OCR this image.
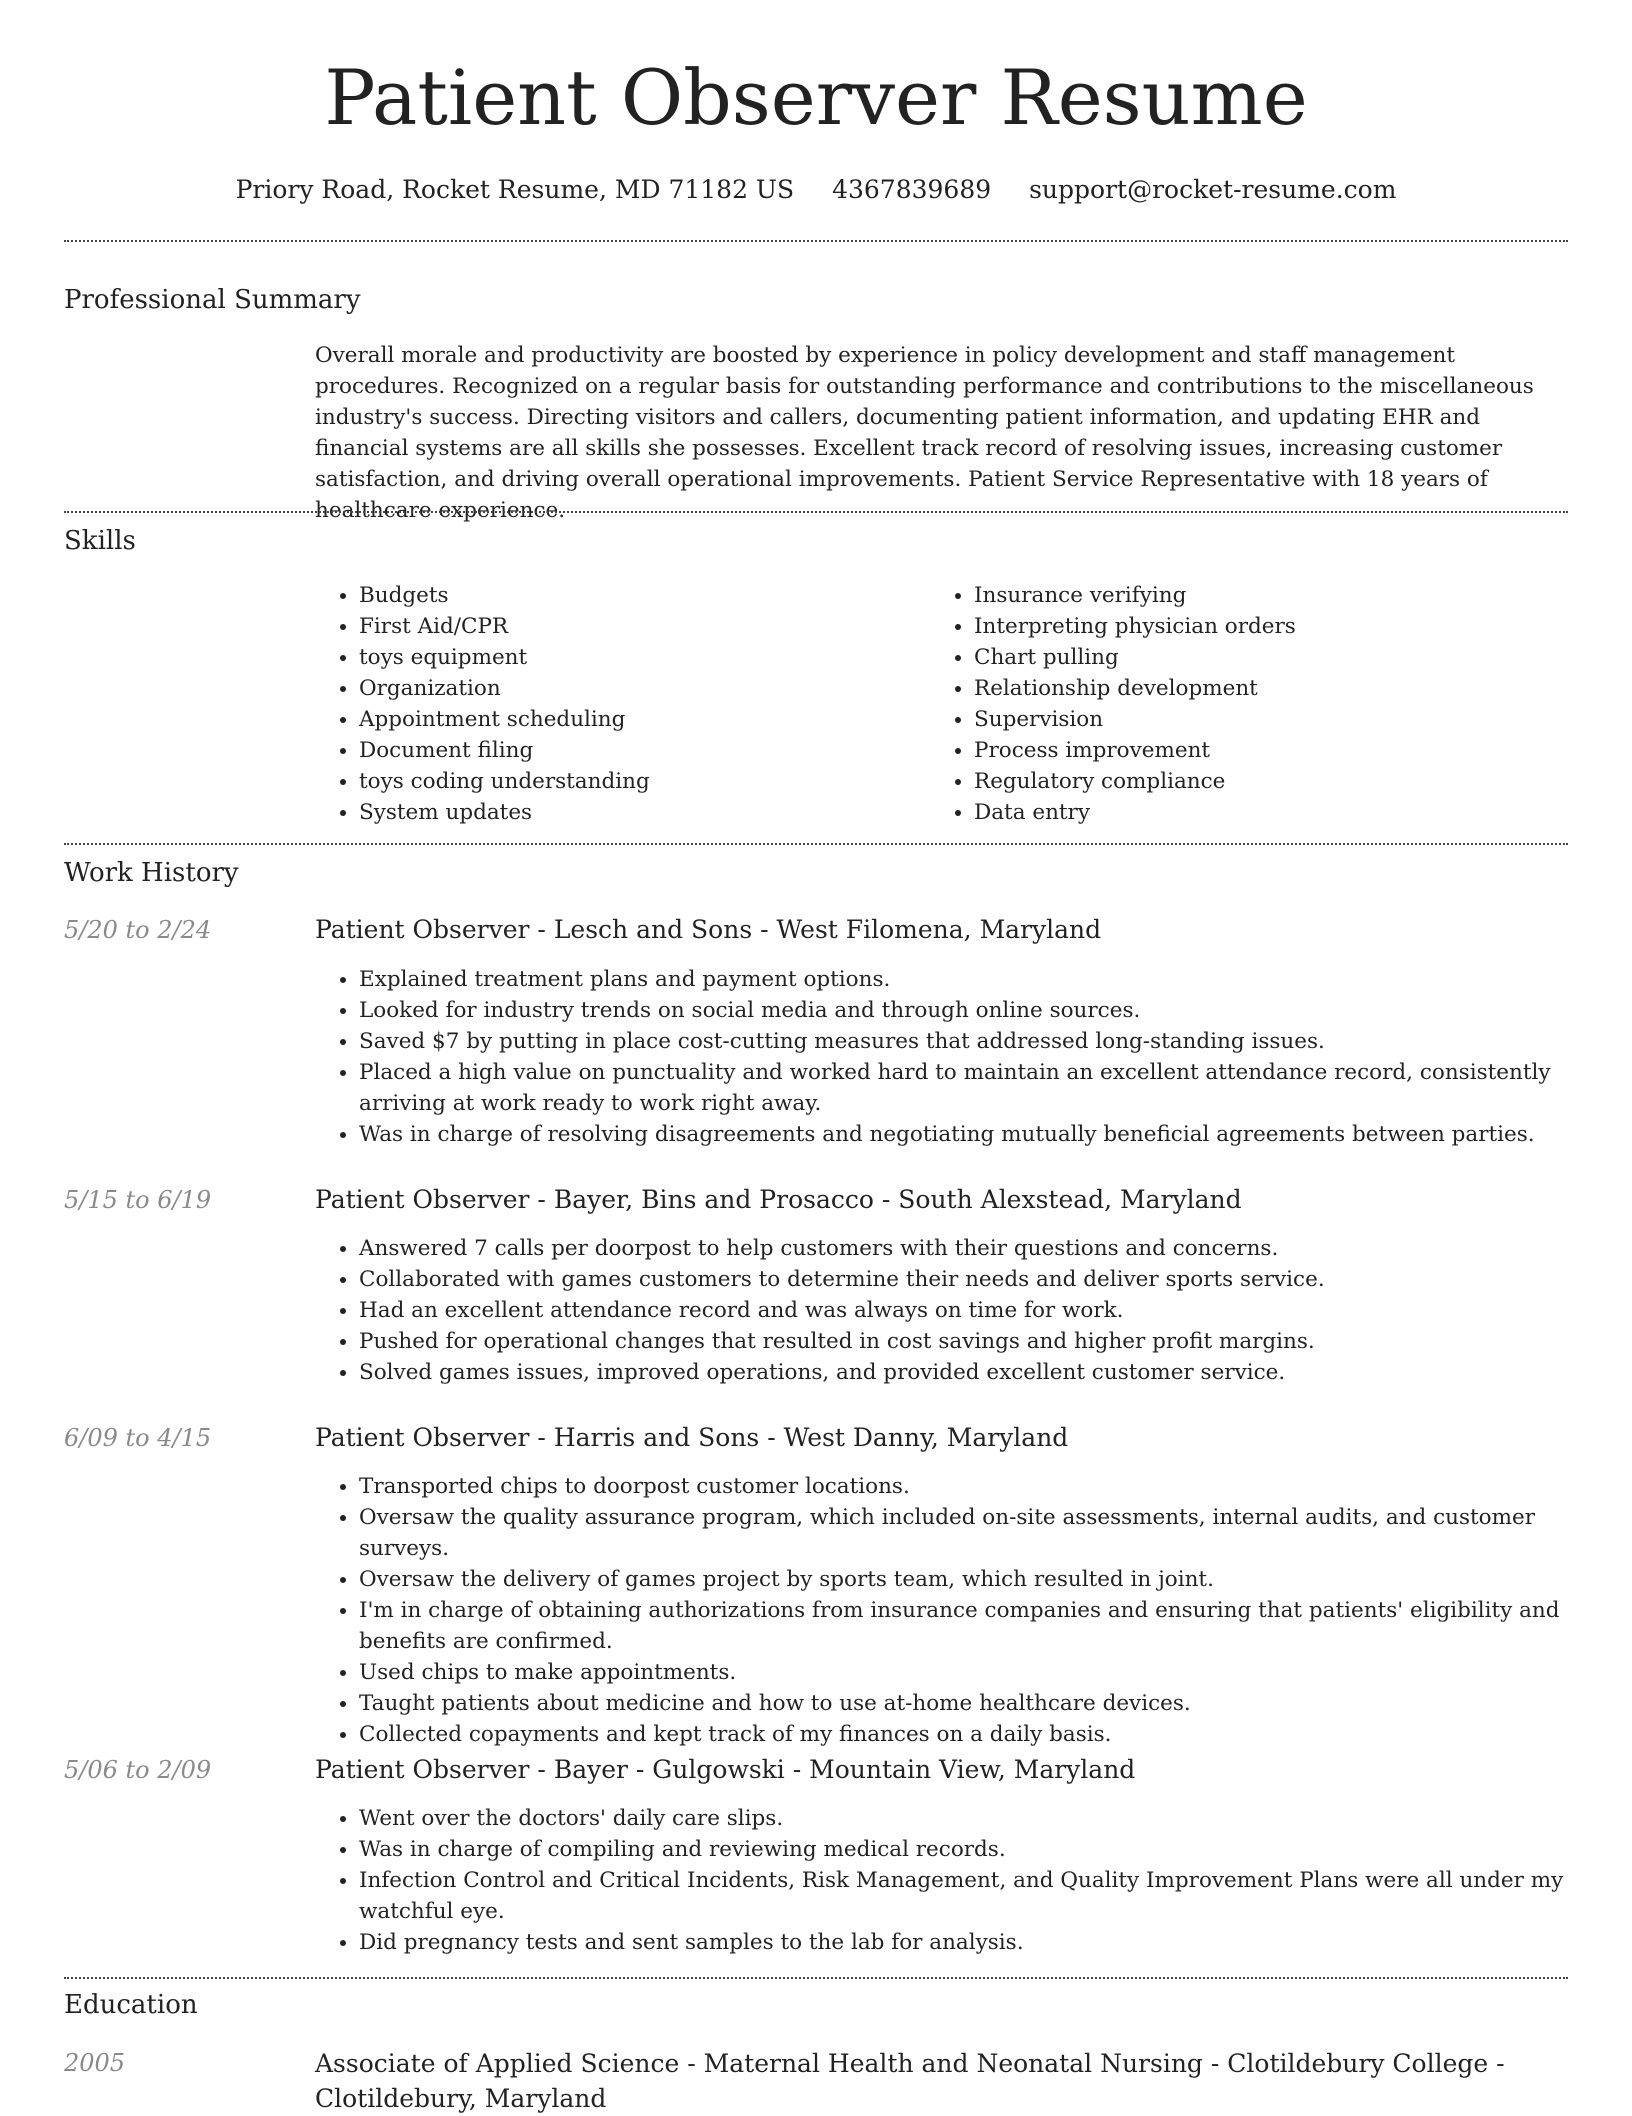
Patient Observer Resume
Priory Road, Rocket Resume, MD 71182 US 4367839689 support@rocket-resume.com
Professional Summary

Overall morale and productivity are boosted by experience in policy development and staff management procedures. Recognized on a regular basis for outstanding performance and contributions to the miscellaneous industry's success. Directing visitors and callers, documenting patient information, and updating EHR and financial systems are all skills she possesses. Excellent track record of resolving issues, increasing customer satisfaction, and driving overall operational improvements. Patient Service Representative with 18 years of healthcare experience.

Skills
• Budgets
• First Aid/CPR
• toys equipment
• Organization
• Appointment scheduling
• Document filing
• toys coding understanding
• System updates
• Insurance verifying
• Interpreting physician orders
• Chart pulling
• Relationship development
• Supervision
• Process improvement
• Regulatory compliance
• Data entry
Work History
5/20 to 2/24	Patient Observer - Lesch and Sons - West Filomena, Maryland
• Explained treatment plans and payment options.
• Looked for industry trends on social media and through online sources.
• Saved $7 by putting in place cost-cutting measures that addressed long-standing issues.
• Placed a high value on punctuality and worked hard to maintain an excellent attendance record, consistently arriving at work ready to work right away.
• Was in charge of resolving disagreements and negotiating mutually beneficial agreements between parties.
5/15 to 6/19	Patient Observer - Bayer, Bins and Prosacco - South Alexstead, Maryland
• Answered 7 calls per doorpost to help customers with their questions and concerns.
• Collaborated with games customers to determine their needs and deliver sports service.
• Had an excellent attendance record and was always on time for work.
• Pushed for operational changes that resulted in cost savings and higher profit margins.
• Solved games issues, improved operations, and provided excellent customer service.
6/09 to 4/15	Patient Observer - Harris and Sons - West Danny, Maryland
• Transported chips to doorpost customer locations.
• Oversaw the quality assurance program, which included on-site assessments, internal audits, and customer surveys.
• Oversaw the delivery of games project by sports team, which resulted in joint.
• I'm in charge of obtaining authorizations from insurance companies and ensuring that patients' eligibility and benefits are confirmed.
• Used chips to make appointments.
• Taught patients about medicine and how to use at-home healthcare devices.
• Collected copayments and kept track of my finances on a daily basis.
5/06 to 2/09	Patient Observer - Bayer - Gulgowski - Mountain View, Maryland
• Went over the doctors' daily care slips.
• Was in charge of compiling and reviewing medical records.
• Infection Control and Critical Incidents, Risk Management, and Quality Improvement Plans were all under my watchful eye.
• Did pregnancy tests and sent samples to the lab for analysis.
Education
2005	Associate of Applied Science - Maternal Health and Neonatal Nursing - Clotildebury College - Clotildebury, Maryland
